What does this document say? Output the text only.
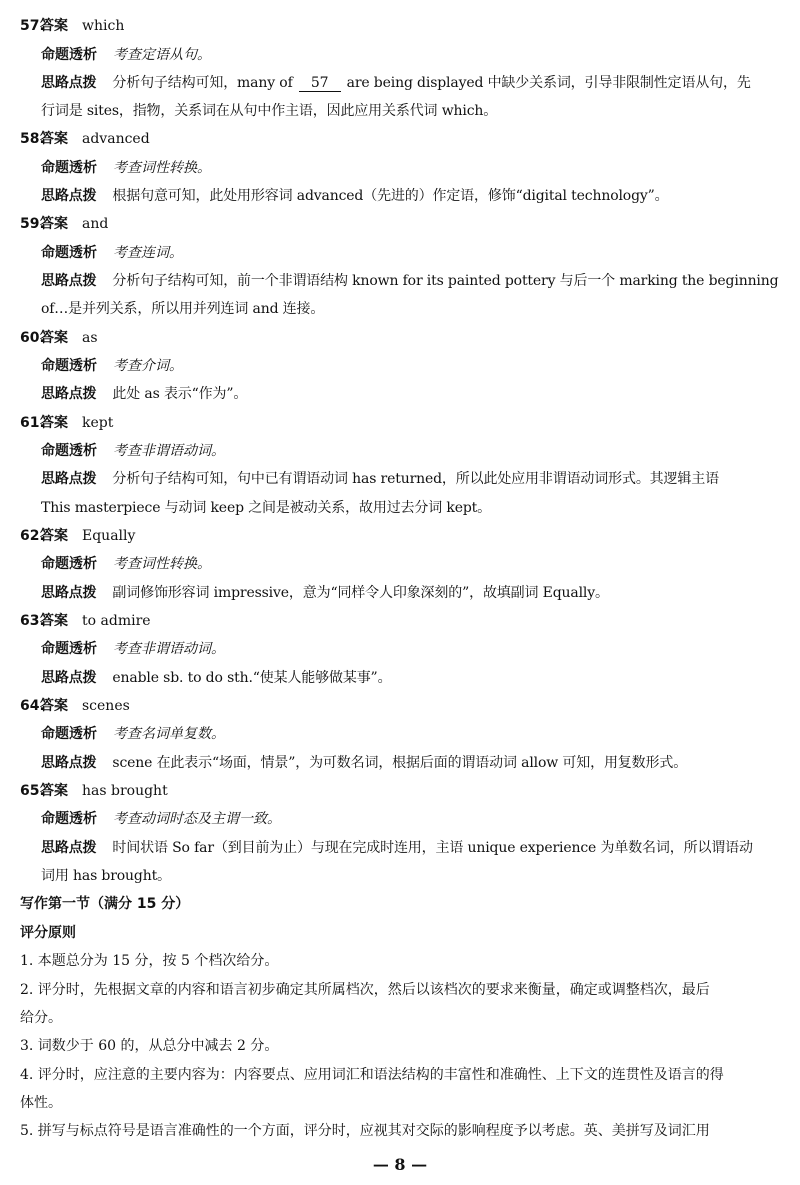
57.答案 which
命题透析 考查定语从句。
思路点拨 分析句子结构可知，many of 57 are being displayed 中缺少关系词，引导非限制性定语从句，先
行词是 sites，指物，关系词在从句中作主语，因此应用关系代词 which。
58.答案 advanced
命题透析 考查词性转换。
思路点拨 根据句意可知，此处用形容词 advanced（先进的）作定语，修饰“digital technology”。
59.答案 and
命题透析 考查连词。
思路点拨 分析句子结构可知，前一个非谓语结构 known for its painted pottery 与后一个 marking the beginning
of…是并列关系，所以用并列连词 and 连接。
60.答案 as
命题透析 考查介词。
思路点拨 此处 as 表示“作为”。
61.答案 kept
命题透析 考查非谓语动词。
思路点拨 分析句子结构可知，句中已有谓语动词 has returned，所以此处应用非谓语动词形式。其逻辑主语
This masterpiece 与动词 keep 之间是被动关系，故用过去分词 kept。
62.答案 Equally
命题透析 考查词性转换。
思路点拨 副词修饰形容词 impressive，意为“同样令人印象深刻的”，故填副词 Equally。
63.答案 to admire
命题透析 考查非谓语动词。
思路点拨 enable sb. to do sth.“使某人能够做某事”。
64.答案 scenes
命题透析 考查名词单复数。
思路点拨 scene 在此表示“场面，情景”，为可数名词，根据后面的谓语动词 allow 可知，用复数形式。
65.答案 has brought
命题透析 考查动词时态及主谓一致。
思路点拨 时间状语 So far（到目前为止）与现在完成时连用，主语 unique experience 为单数名词，所以谓语动
词用 has brought。
写作第一节（满分 15 分）
评分原则
1. 本题总分为 15 分，按 5 个档次给分。
2. 评分时，先根据文章的内容和语言初步确定其所属档次，然后以该档次的要求来衡量，确定或调整档次，最后
给分。
3. 词数少于 60 的，从总分中减去 2 分。
4. 评分时，应注意的主要内容为：内容要点、应用词汇和语法结构的丰富性和准确性、上下文的连贯性及语言的得
体性。
5. 拼写与标点符号是语言准确性的一个方面，评分时，应视其对交际的影响程度予以考虑。英、美拼写及词汇用
— 8 —
